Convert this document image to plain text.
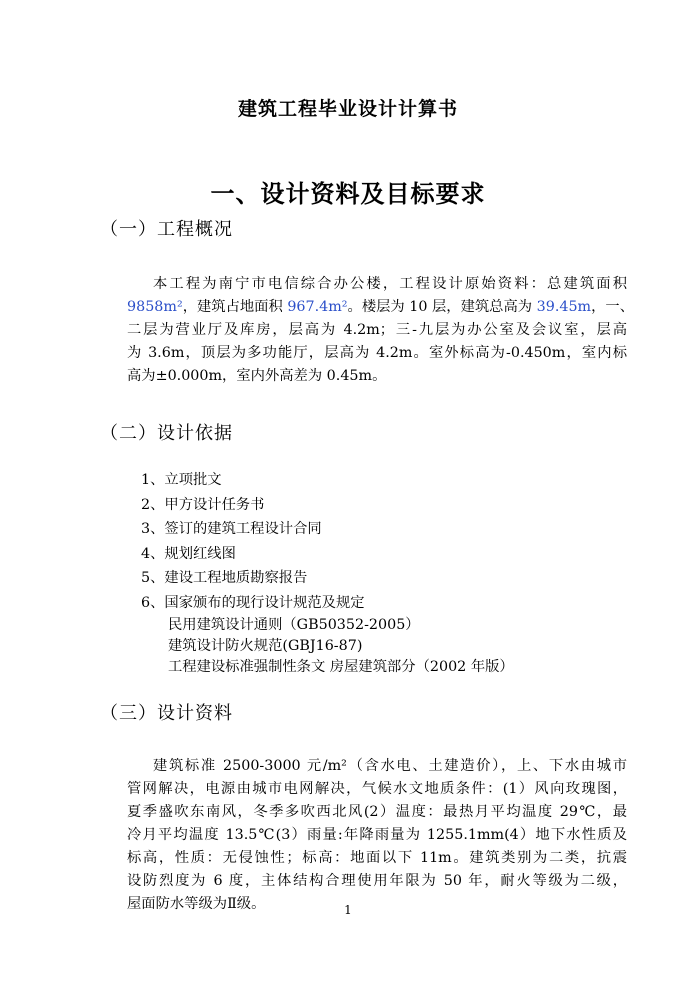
建筑工程毕业设计计算书
一、设计资料及目标要求
（一）工程概况
本工程为南宁市电信综合办公楼，工程设计原始资料：总建筑面积
9858m²，建筑占地面积 967.4m²。楼层为 10 层，建筑总高为 39.45m，一、
二层为营业厅及库房，层高为 4.2m；三-九层为办公室及会议室，层高
为 3.6m，顶层为多功能厅，层高为 4.2m。室外标高为-0.450m，室内标
高为±0.000m，室内外高差为 0.45m。
（二）设计依据
1、立项批文
2、甲方设计任务书
3、签订的建筑工程设计合同
4、规划红线图
5、建设工程地质勘察报告
6、国家颁布的现行设计规范及规定
民用建筑设计通则（GB50352-2005）
建筑设计防火规范(GBJ16-87)
工程建设标准强制性条文 房屋建筑部分（2002 年版）
（三）设计资料
建筑标准 2500-3000 元/m²（含水电、土建造价），上、下水由城市
管网解决，电源由城市电网解决，气候水文地质条件：(1）风向玫瑰图，
夏季盛吹东南风，冬季多吹西北风(2）温度：最热月平均温度 29℃，最
冷月平均温度 13.5℃(3）雨量:年降雨量为 1255.1mm(4）地下水性质及
标高，性质：无侵蚀性；标高：地面以下 11m。建筑类别为二类，抗震
设防烈度为 6 度，主体结构合理使用年限为 50 年，耐火等级为二级，
屋面防水等级为Ⅱ级。	1
